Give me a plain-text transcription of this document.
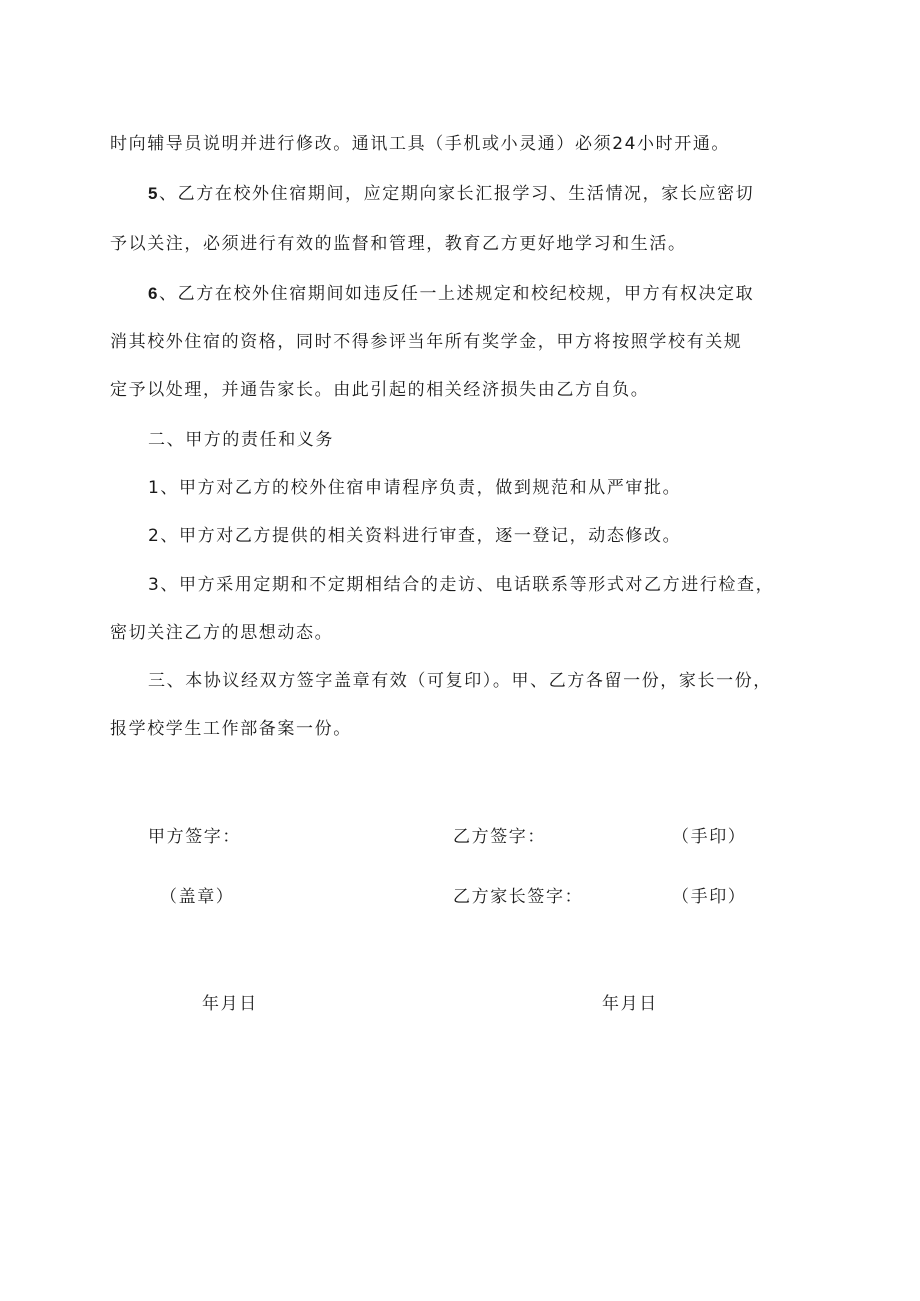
时向辅导员说明并进行修改。通讯工具（手机或小灵通）必须24小时开通。
5、乙方在校外住宿期间，应定期向家长汇报学习、生活情况，家长应密切
予以关注，必须进行有效的监督和管理，教育乙方更好地学习和生活。
6、乙方在校外住宿期间如违反任一上述规定和校纪校规，甲方有权决定取
消其校外住宿的资格，同时不得参评当年所有奖学金，甲方将按照学校有关规
定予以处理，并通告家长。由此引起的相关经济损失由乙方自负。
二、甲方的责任和义务
1、甲方对乙方的校外住宿申请程序负责，做到规范和从严审批。
2、甲方对乙方提供的相关资料进行审查，逐一登记，动态修改。
3、甲方采用定期和不定期相结合的走访、电话联系等形式对乙方进行检查，
密切关注乙方的思想动态。
三、本协议经双方签字盖章有效（可复印）。甲、乙方各留一份，家长一份，
报学校学生工作部备案一份。
甲方签字：	乙方签字：	（手印）
（盖章）	乙方家长签字：	（手印）
年月日	年月日
